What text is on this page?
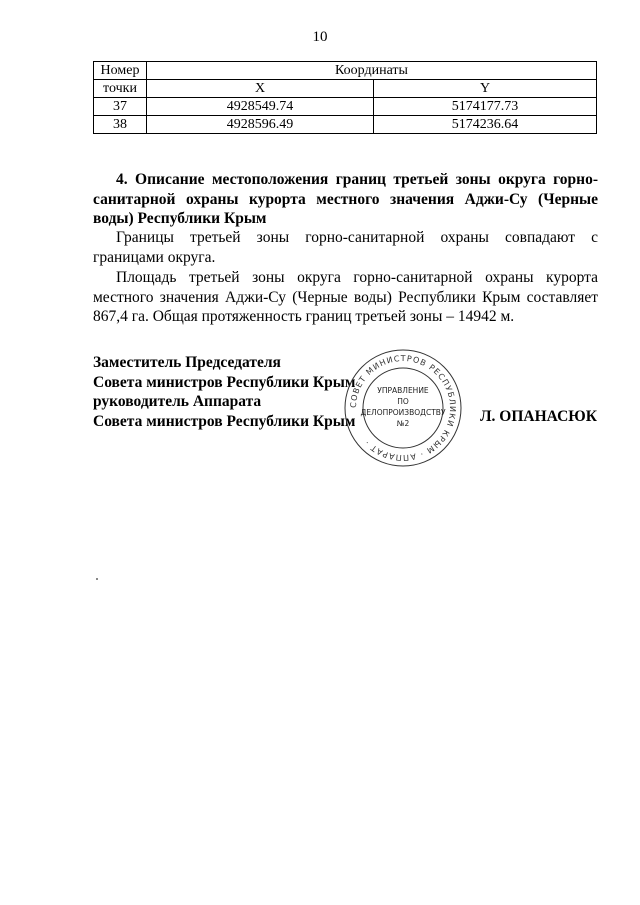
10
Номер	Координаты	
точки	X	Y
37	4928549.74	5174177.73
38	4928596.49	5174236.64
4. Описание местоположения границ третьей зоны округа горно-санитарной охраны курорта местного значения Аджи-Су (Черные воды) Республики Крым
Границы третьей зоны горно-санитарной охраны совпадают с границами округа.
Площадь третьей зоны округа горно-санитарной охраны курорта местного значения Аджи-Су (Черные воды) Республики Крым составляет 867,4 га. Общая протяженность границ третьей зоны – 14942 м.
Заместитель Председателя
Совета министров Республики Крым
руководитель Аппарата
Совета министров Республики Крым
СОВЕТ МИНИСТРОВ РЕСПУБЛИКИ КРЫМ · АППАРАТ ·
УПРАВЛЕНИЕ
ПО
ДЕЛОПРОИЗВОДСТВУ
№2	Л. ОПАНАСЮК
